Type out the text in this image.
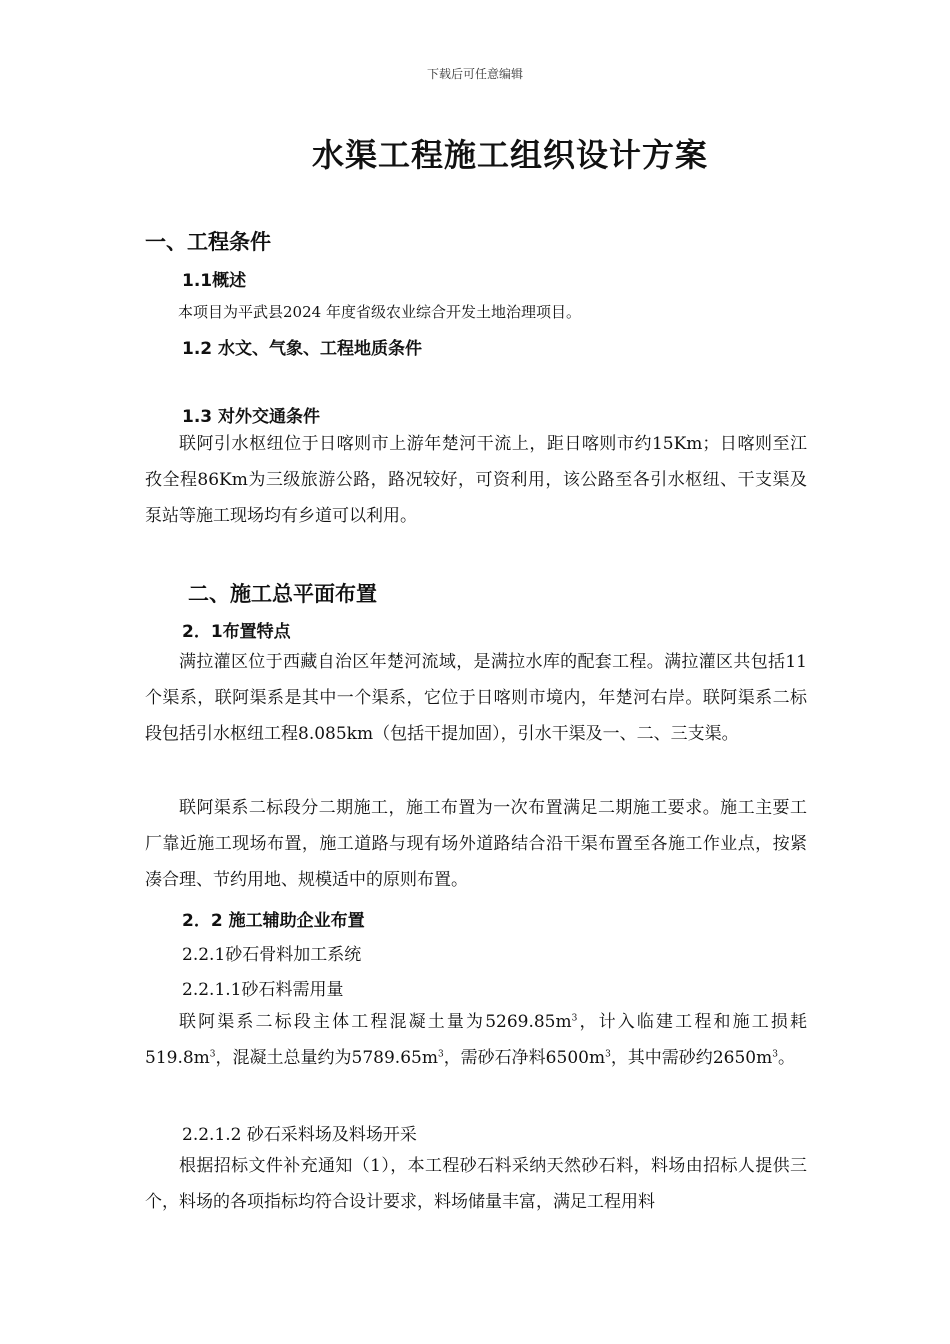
下载后可任意编辑
水渠工程施工组织设计方案
一、工程条件
1.1概述
本项目为平武县2024 年度省级农业综合开发土地治理项目。
1.2 水文、气象、工程地质条件
1.3 对外交通条件
联阿引水枢纽位于日喀则市上游年楚河干流上，距日喀则市约15Km；日喀则至江孜全程86Km为三级旅游公路，路况较好，可资利用，该公路至各引水枢纽、干支渠及泵站等施工现场均有乡道可以利用。
二、施工总平面布置
2．1布置特点
满拉灌区位于西藏自治区年楚河流域，是满拉水库的配套工程。满拉灌区共包括11个渠系，联阿渠系是其中一个渠系，它位于日喀则市境内，年楚河右岸。联阿渠系二标段包括引水枢纽工程8.085km（包括干提加固），引水干渠及一、二、三支渠。
联阿渠系二标段分二期施工，施工布置为一次布置满足二期施工要求。施工主要工厂靠近施工现场布置，施工道路与现有场外道路结合沿干渠布置至各施工作业点，按紧凑合理、节约用地、规模适中的原则布置。
2．2 施工辅助企业布置
2.2.1砂石骨料加工系统
2.2.1.1砂石料需用量
联阿渠系二标段主体工程混凝土量为$5269.85m^3$，计入临建工程和施工损耗$519.8m^3$，混凝土总量约为$5789.65m^3$，需砂石净料$6500m^3$，其中需砂约$2650m^3$。
2.2.1.2 砂石采料场及料场开采
根据招标文件补充通知（1），本工程砂石料采纳天然砂石料，料场由招标人提供三个，料场的各项指标均符合设计要求，料场储量丰富，满足工程用料
